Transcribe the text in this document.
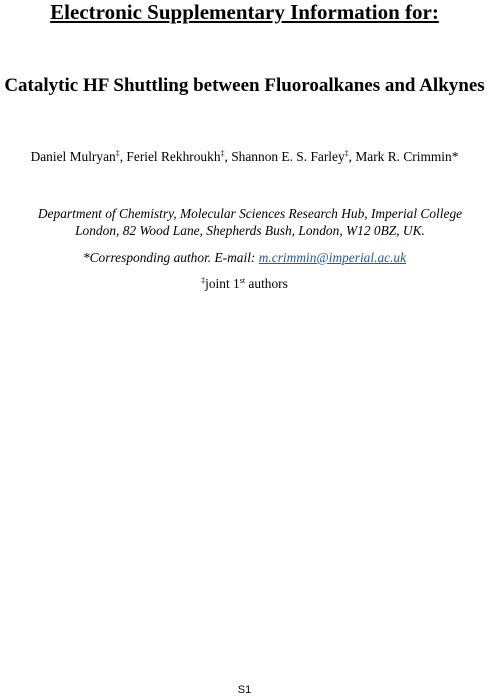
Electronic Supplementary Information for:
Catalytic HF Shuttling between Fluoroalkanes and Alkynes
Daniel Mulryan‡, Feriel Rekhroukh‡, Shannon E. S. Farley‡, Mark R. Crimmin*
Department of Chemistry, Molecular Sciences Research Hub, Imperial College
London, 82 Wood Lane, Shepherds Bush, London, W12 0BZ, UK.
*Corresponding author. E-mail: m.crimmin@imperial.ac.uk
‡joint 1st authors
S1
